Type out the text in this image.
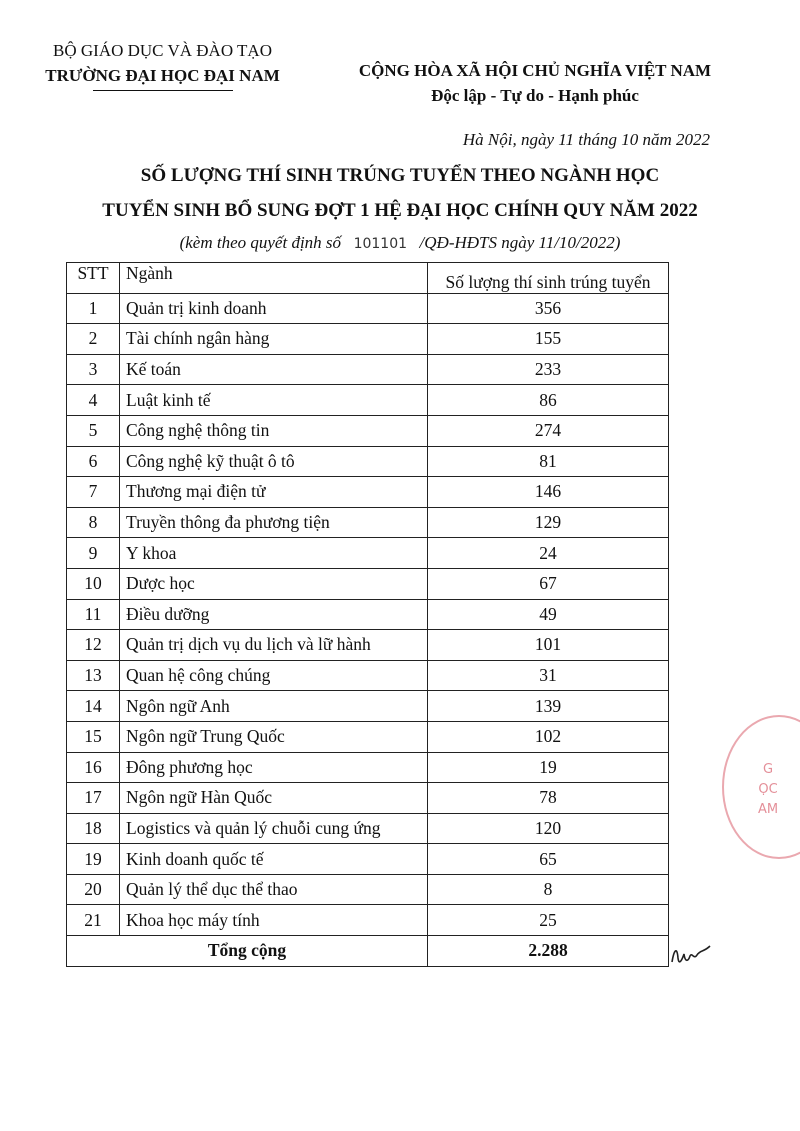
BỘ GIÁO DỤC VÀ ĐÀO TẠO
TRƯỜNG ĐẠI HỌC ĐẠI NAM	CỘNG HÒA XÃ HỘI CHỦ NGHĨA VIỆT NAM
Độc lập - Tự do - Hạnh phúc
Hà Nội, ngày 11 tháng 10 năm 2022
SỐ LƯỢNG THÍ SINH TRÚNG TUYỂN THEO NGÀNH HỌC
TUYỂN SINH BỔ SUNG ĐỢT 1 HỆ ĐẠI HỌC CHÍNH QUY NĂM 2022
(kèm theo quyết định số 101101 /QĐ-HĐTS ngày 11/10/2022)
STT	Ngành	Số lượng thí sinh trúng tuyển
1	Quản trị kinh doanh	356
2	Tài chính ngân hàng	155
3	Kế toán	233
4	Luật kinh tế	86
5	Công nghệ thông tin	274
6	Công nghệ kỹ thuật ô tô	81
7	Thương mại điện tử	146
8	Truyền thông đa phương tiện	129
9	Y khoa	24
10	Dược học	67
11	Điều dưỡng	49
12	Quản trị dịch vụ du lịch và lữ hành	101
13	Quan hệ công chúng	31
14	Ngôn ngữ Anh	139
15	Ngôn ngữ Trung Quốc	102
16	Đông phương học	19
17	Ngôn ngữ Hàn Quốc	78
18	Logistics và quản lý chuỗi cung ứng	120
19	Kinh doanh quốc tế	65
20	Quản lý thể dục thể thao	8
21	Khoa học máy tính	25
Tổng cộng		2.288
G
ỌC
AM
